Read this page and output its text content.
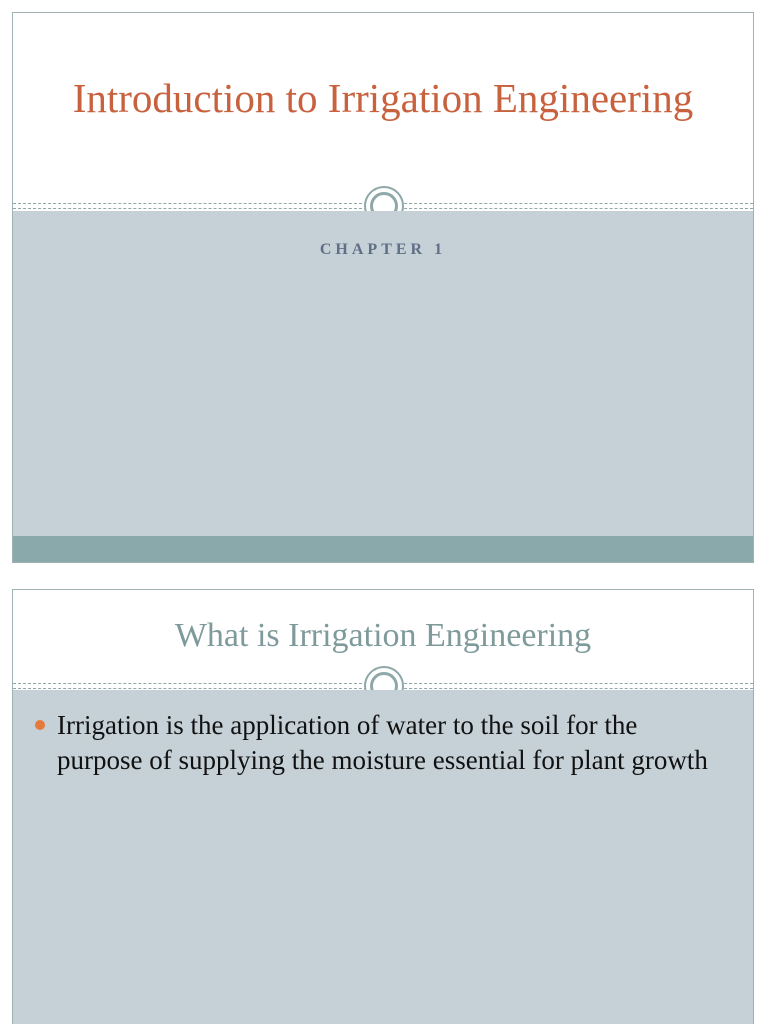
Introduction to Irrigation Engineering
CHAPTER 1
What is Irrigation Engineering
Irrigation is the application of water to the soil for the purpose of supplying the moisture essential for plant growth
